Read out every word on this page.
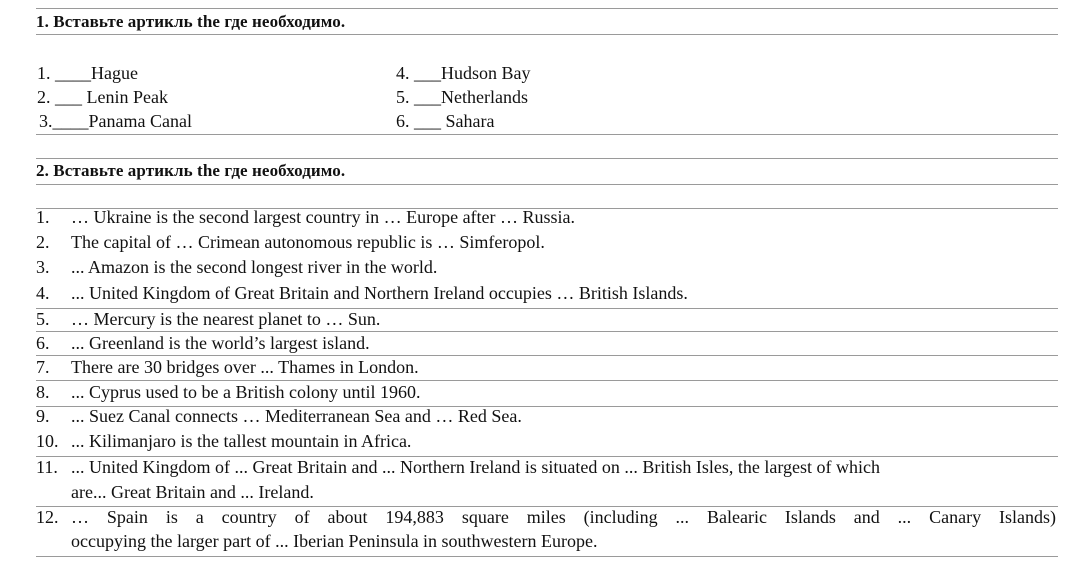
1. Вставьте артикль the где необходимо.
1. ____Hague
2. ___ Lenin Peak
3.____Panama Canal
4. ___Hudson Bay
5. ___Netherlands
6. ___ Sahara
2. Вставьте артикль the где необходимо.
1. … Ukraine is the second largest country in … Europe after … Russia.
2. The capital of … Crimean autonomous republic is … Simferopol.
3. ... Amazon is the second longest river in the world.
4. ... United Kingdom of Great Britain and Northern Ireland occupies … British Islands.
5. … Mercury is the nearest planet to … Sun.
6. ... Greenland is the world’s largest island.
7. There are 30 bridges over ... Thames in London.
8. ... Cyprus used to be a British colony until 1960.
9. ... Suez Canal connects … Mediterranean Sea and … Red Sea.
10. ... Kilimanjaro is the tallest mountain in Africa.
11. ... United Kingdom of ... Great Britain and ... Northern Ireland is situated on ... British Isles, the largest of which
are... Great Britain and ... Ireland.
12. … Spain is a country of about 194,883 square miles (including ... Balearic Islands and ... Canary Islands)
occupying the larger part of ... Iberian Peninsula in southwestern Europe.
